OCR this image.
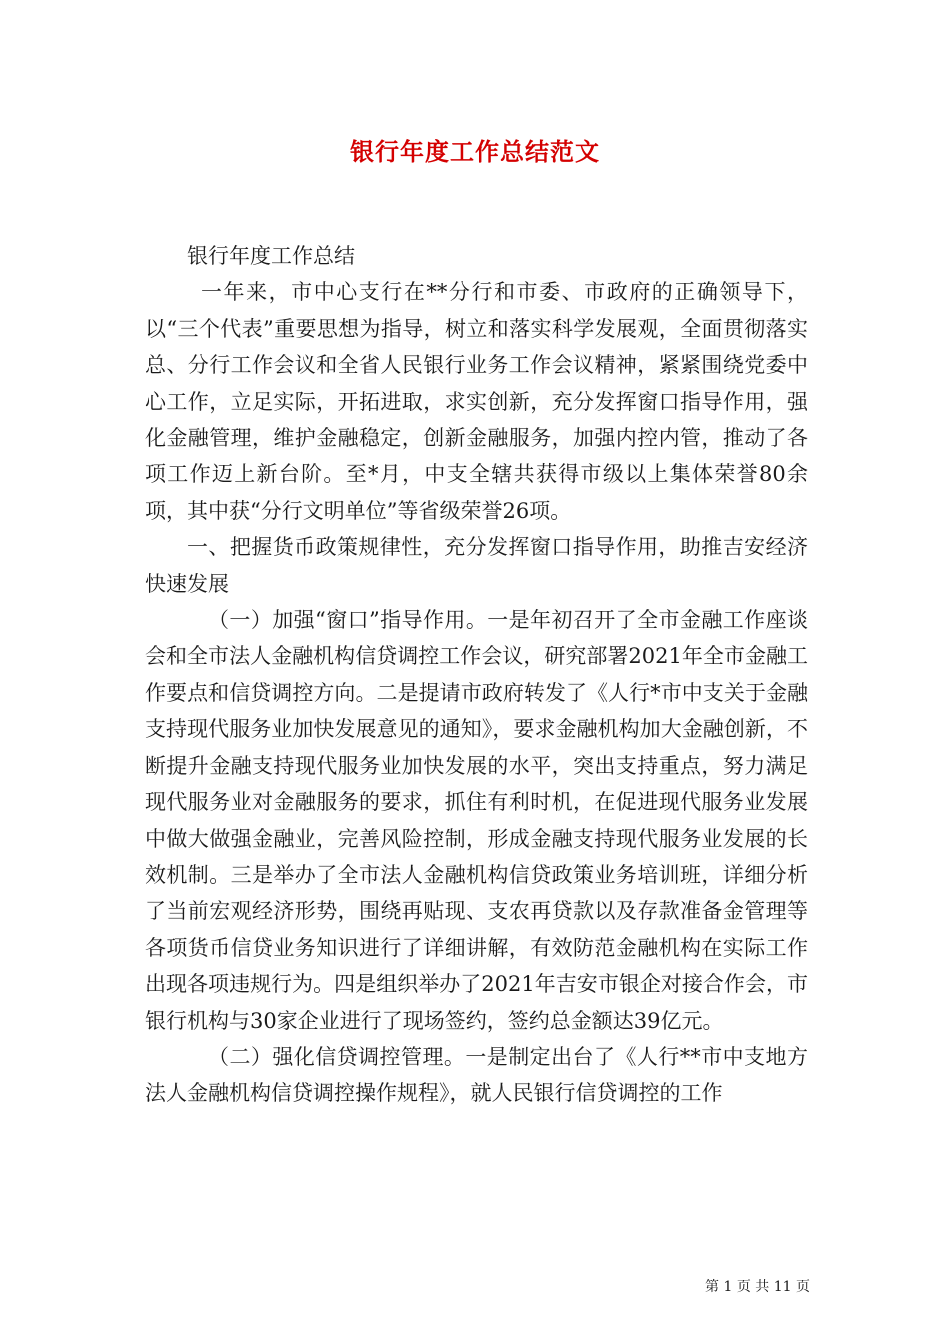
银行年度工作总结范文

银行年度工作总结

一年来，市中心支行在**分行和市委、市政府的正确领导下，以“三个代表”重要思想为指导，树立和落实科学发展观，全面贯彻落实总、分行工作会议和全省人民银行业务工作会议精神，紧紧围绕党委中心工作，立足实际，开拓进取，求实创新，充分发挥窗口指导作用，强化金融管理，维护金融稳定，创新金融服务，加强内控内管，推动了各项工作迈上新台阶。至*月，中支全辖共获得市级以上集体荣誉80余项，其中获“分行文明单位”等省级荣誉26项。

一、把握货币政策规律性，充分发挥窗口指导作用，助推吉安经济快速发展

（一）加强“窗口”指导作用。一是年初召开了全市金融工作座谈会和全市法人金融机构信贷调控工作会议，研究部署2021年全市金融工作要点和信贷调控方向。二是提请市政府转发了《人行*市中支关于金融支持现代服务业加快发展意见的通知》，要求金融机构加大金融创新，不断提升金融支持现代服务业加快发展的水平，突出支持重点，努力满足现代服务业对金融服务的要求，抓住有利时机，在促进现代服务业发展中做大做强金融业，完善风险控制，形成金融支持现代服务业发展的长效机制。三是举办了全市法人金融机构信贷政策业务培训班，详细分析了当前宏观经济形势，围绕再贴现、支农再贷款以及存款准备金管理等各项货币信贷业务知识进行了详细讲解，有效防范金融机构在实际工作出现各项违规行为。四是组织举办了2021年吉安市银企对接合作会，市银行机构与30家企业进行了现场签约，签约总金额达39亿元。

（二）强化信贷调控管理。一是制定出台了《人行**市中支地方法人金融机构信贷调控操作规程》，就人民银行信贷调控的工作

第 1 页 共 11 页
